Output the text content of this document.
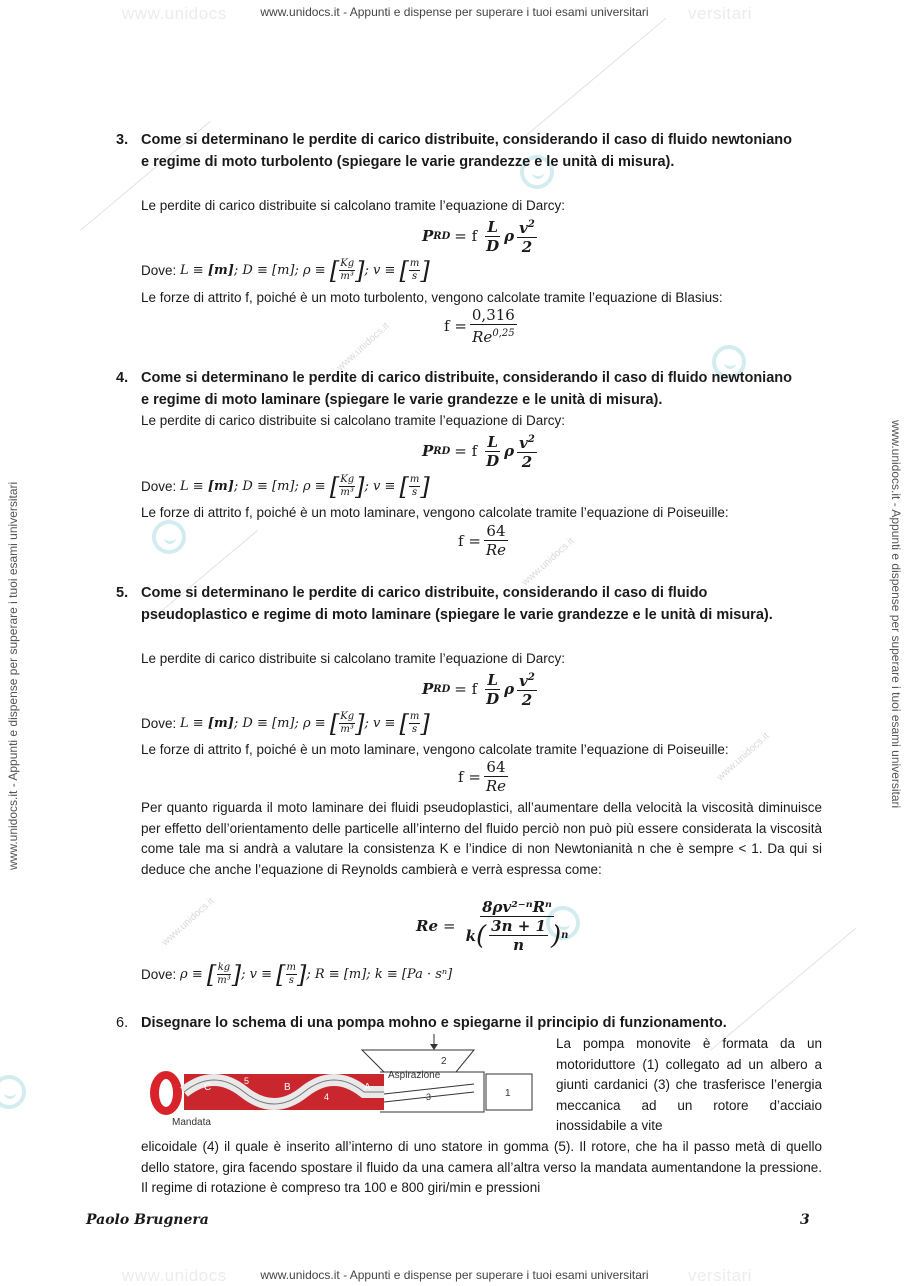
www.unidocs	versitari
www.unidocs.it - Appunti e dispense per superare i tuoi esami universitari
www.unidocs	versitari
www.unidocs.it - Appunti e dispense per superare i tuoi esami universitari
www.unidocs.it - Appunti e dispense per superare i tuoi esami universitari	www.unidocs.it - Appunti e dispense per superare i tuoi esami universitari
www.unidocs.it
www.unidocs.it
www.unidocs.it
www.unidocs.it
3. Come si determinano le perdite di carico distribuite, considerando il caso di fluido newtoniano e regime di moto turbolento (spiegare le varie grandezze e le unità di misura).
Le perdite di carico distribuite si calcolano tramite l’equazione di Darcy:
P RD = f $\frac{L}{D}$ ρ $\frac{v^2}{2}$
Dove:
L ≡
[m] ; D ≡
[m] ; ρ ≡
[ Kg
m³ ] ; v ≡
[ m
s ]
Le forze di attrito f, poiché è un moto turbolento, vengono calcolate tramite l’equazione di Blasius:
$f = \frac{0,316}{Re^{0,25}}$
4. Come si determinano le perdite di carico distribuite, considerando il caso di fluido newtoniano e regime di moto laminare (spiegare le varie grandezze e le unità di misura).
Le perdite di carico distribuite si calcolano tramite l’equazione di Darcy:
P RD = f $\frac{L}{D}$ ρ $\frac{v^2}{2}$
Dove:
L ≡
[m] ; D ≡
[m] ; ρ ≡
[ Kg
m³ ] ; v ≡
[ m
s ]
Le forze di attrito f, poiché è un moto laminare, vengono calcolate tramite l’equazione di Poiseuille:
$f = \frac{64}{Re}$
5. Come si determinano le perdite di carico distribuite, considerando il caso di fluido pseudoplastico e regime di moto laminare (spiegare le varie grandezze e le unità di misura).
Le perdite di carico distribuite si calcolano tramite l’equazione di Darcy:
P RD = f $\frac{L}{D}$ ρ $\frac{v^2}{2}$
Dove:
L ≡
[m] ; D ≡
[m] ; ρ ≡
[ Kg
m³ ] ; v ≡
[ m
s ]
Le forze di attrito f, poiché è un moto laminare, vengono calcolate tramite l’equazione di Poiseuille:
$f = \frac{64}{Re}$
Per quanto riguarda il moto laminare dei fluidi pseudoplastici, all’aumentare della velocità la viscosità diminuisce per effetto dell’orientamento delle particelle all’interno del fluido perciò non può più essere considerata la viscosità come tale ma si andrà a valutare la consistenza K e l’indice di non Newtonianità n che è sempre < 1. Da qui si deduce che anche l’equazione di Reynolds cambierà e verrà espressa come:
$Re = \frac{\text{8ρv²⁻ⁿRⁿ}}{k ( \frac{3n + 1}{n} ) n}$
Dove:
ρ ≡
[ kg
m³ ] ; v ≡
[ m
s ] ; R ≡ [m]; k ≡ [Pa · sⁿ]
6. Disegnare lo schema di una pompa mohno e spiegarne il principio di funzionamento.
C
5
B
4
A
Aspirazione
2
3	1
Mandata
La pompa monovite è formata da un motoriduttore (1) collegato ad un albero a giunti cardanici (3) che trasferisce l’energia meccanica ad un rotore d’acciaio inossidabile a vite
elicoidale (4) il quale è inserito all’interno di uno statore in gomma (5). Il rotore, che ha il passo metà di quello dello statore, gira facendo spostare il fluido da una camera all’altra verso la mandata aumentandone la pressione. Il regime di rotazione è compreso tra 100 e 800 giri/min e pressioni
Paolo Brugnera	3
